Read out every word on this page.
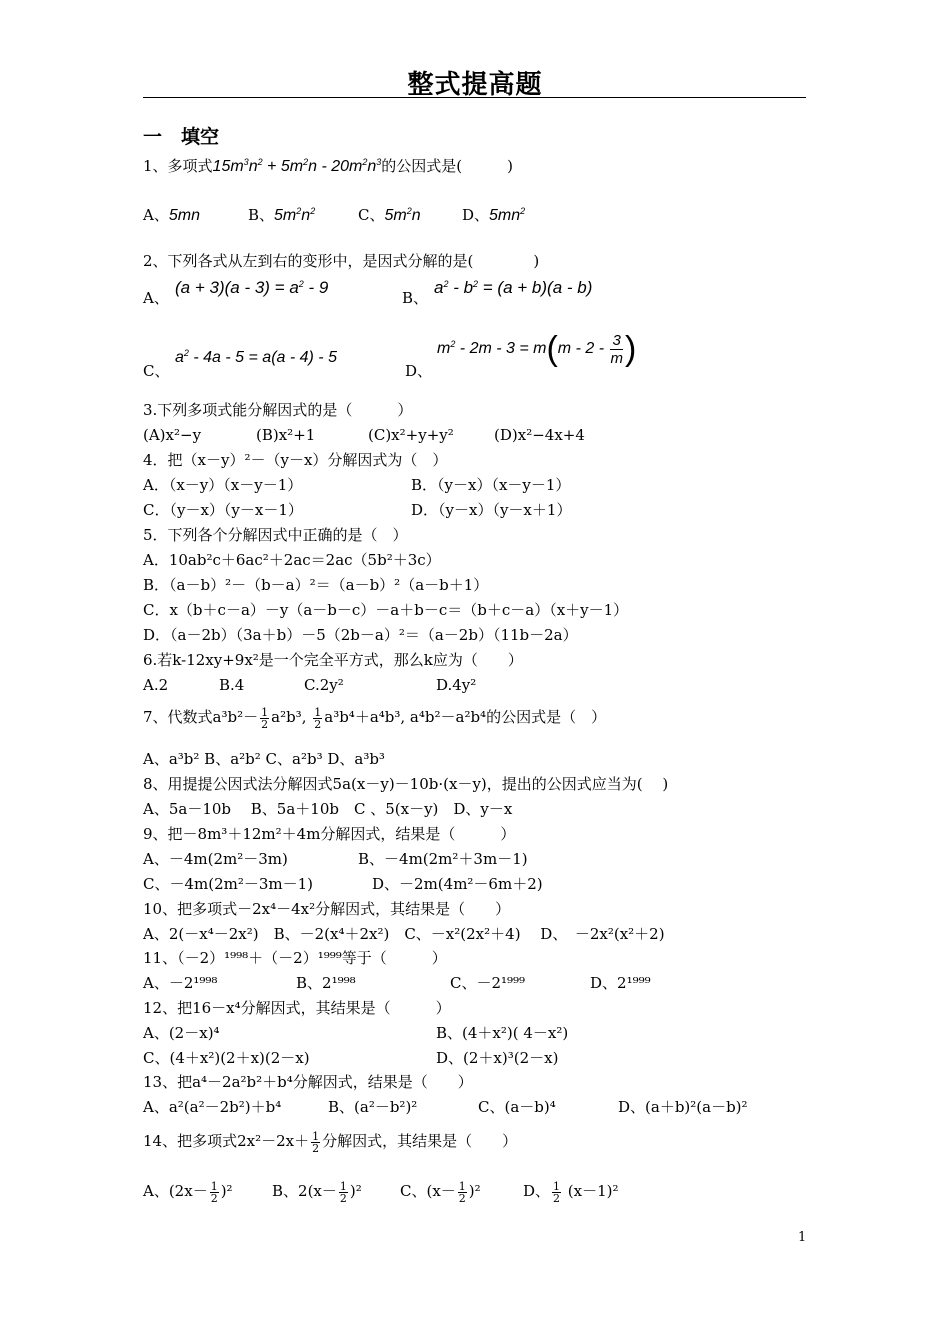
整式提高题
一　填空
1、多项式$15m^3n^2 + 5m^2n - 20m^2n^3$的公因式是(　　　)
A、5mn	B、$5m^2n^2$	C、$5m^2n$	D、$5mn^2$
2、下列各式从左到右的变形中，是因式分解的是(　　　　)
A、
$(a + 3)(a - 3) = a^2 - 9$
B、
$a^2 - b^2 = (a + b)(a - b)$
C、
$a^2 - 4a - 5 = a(a - 4) - 5$
D、
$m^2 - 2m - 3 = m(m - 2 - \frac{3}{m}$ )
3.下列多项式能分解因式的是（　　　）
(A)x²−y	(B)x²+1	(C)x²+y+y²	(D)x²−4x+4
4．把（x－y）²－（y－x）分解因式为（　）
A．（x－y）（x－y－1）	B．（y－x）（x－y－1）
C．（y－x）（y－x－1）	D．（y－x）（y－x＋1）
5．下列各个分解因式中正确的是（　）
A．10ab²c＋6ac²＋2ac＝2ac（5b²＋3c）
B．（a－b）²－（b－a）²＝（a－b）²（a－b＋1）
C．x（b＋c－a）－y（a－b－c）－a＋b－c＝（b＋c－a）（x＋y－1）
D．（a－2b）（3a＋b）－5（2b－a）²＝（a－2b）（11b－2a）
6.若k-12xy+9x²是一个完全平方式，那么k应为（　　）
A.2	B.4	C.2y²	D.4y²
7、代数式$a^3b^2- \frac{1}{2} a^2b^3$, $\frac{1}{2} a^3b^4+a^4b^3$, a⁴b²－a²b⁴的公因式是（　）
A、a³b² B、a²b² C、a²b³ D、a³b³
8、用提提公因式法分解因式5a(x－y)－10b·(x－y)，提出的公因式应当为(　 )
A、5a－10b　 B、5a＋10b　C 、5(x－y)　D、y－x
9、把－8m³＋12m²＋4m分解因式，结果是（　　　）
A、－4m(2m²－3m)	B、－4m(2m²＋3m－1)
C、－4m(2m²－3m－1)	D、－2m(4m²－6m＋2)
10、把多项式－2x⁴－4x²分解因式，其结果是（　　）
A、2(－x⁴－2x²)　B、－2(x⁴＋2x²)　C、－x²(2x²＋4)　 D、　－2x²(x²＋2)
11、（－2）¹⁹⁹⁸＋（－2）¹⁹⁹⁹等于（　　　）
A、－2¹⁹⁹⁸	B、2¹⁹⁹⁸	C、－2¹⁹⁹⁹	D、2¹⁹⁹⁹
12、把16－x⁴分解因式，其结果是（　　　）
A、(2－x)⁴	B、(4＋x²)( 4－x²)
C、(4＋x²)(2＋x)(2－x)	D、(2＋x)³(2－x)
13、把a⁴－2a²b²＋b⁴分解因式，结果是（　　）
A、a²(a²－2b²)＋b⁴	B、(a²－b²)²	C、(a－b)⁴	D、(a＋b)²(a－b)²
14、把多项式$2x^2-2x+ \frac{1}{2}$ 分解因式，其结果是（　　）
A、$(2x- \frac{1}{2} )^2$	B、$2(x- \frac{1}{2} )^2$	C、$(x- \frac{1}{2} )^2$	D、 $\frac{1}{2} (x-1)^2$
1
